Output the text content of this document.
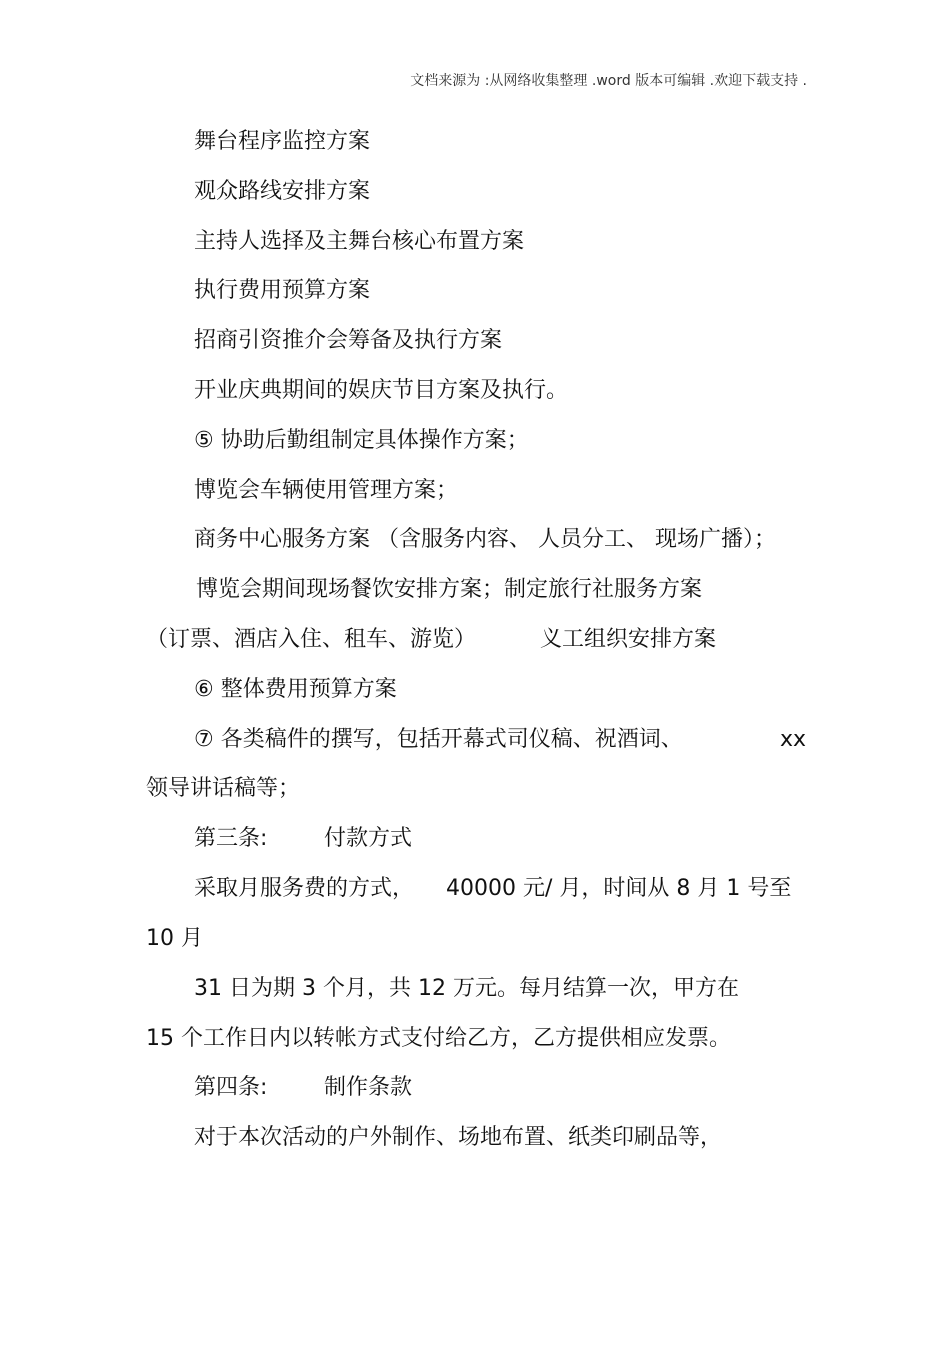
文档来源为 :从网络收集整理 .word 版本可编辑 .欢迎下载支持 .
舞台程序监控方案
观众路线安排方案
主持人选择及主舞台核心布置方案
执行费用预算方案
招商引资推介会筹备及执行方案
开业庆典期间的娱庆节目方案及执行。
⑤ 协助后勤组制定具体操作方案；
博览会车辆使用管理方案；
商务中心服务方案 （含服务内容、 人员分工、 现场广播）；
博览会期间现场餐饮安排方案；制定旅行社服务方案
（订票、酒店入住、租车、游览）	义工组织安排方案
⑥ 整体费用预算方案
⑦ 各类稿件的撰写，包括开幕式司仪稿、祝酒词、	xx
领导讲话稿等；
第三条:	付款方式
采取月服务费的方式， 40000 元/ 月，时间从 8 月 1 号至
10 月
31 日为期 3 个月，共 12 万元。每月结算一次，甲方在
15 个工作日内以转帐方式支付给乙方，乙方提供相应发票。
第四条:	制作条款
对于本次活动的户外制作、场地布置、纸类印刷品等，
